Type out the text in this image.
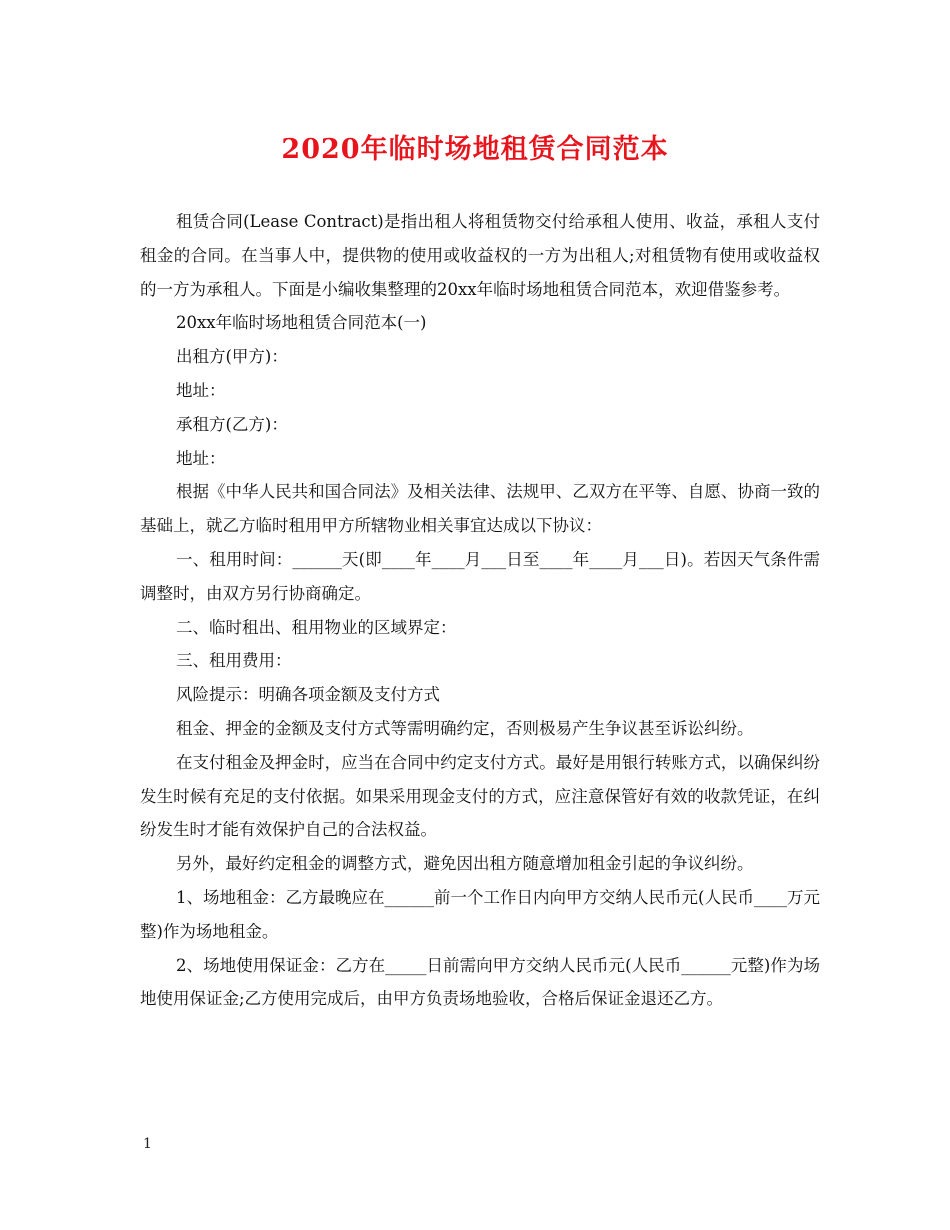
2020年临时场地租赁合同范本

租赁合同(Lease Contract)是指出租人将租赁物交付给承租人使用、收益，承租人支付租金的合同。在当事人中，提供物的使用或收益权的一方为出租人;对租赁物有使用或收益权的一方为承租人。下面是小编收集整理的20xx年临时场地租赁合同范本，欢迎借鉴参考。

20xx年临时场地租赁合同范本(一)

出租方(甲方)：

地址：

承租方(乙方)：

地址：

根据《中华人民共和国合同法》及相关法律、法规甲、乙双方在平等、自愿、协商一致的基础上，就乙方临时租用甲方所辖物业相关事宜达成以下协议：

一、租用时间：______天(即____年____月___日至____年____月___日)。若因天气条件需调整时，由双方另行协商确定。

二、临时租出、租用物业的区域界定：

三、租用费用：

风险提示：明确各项金额及支付方式

租金、押金的金额及支付方式等需明确约定，否则极易产生争议甚至诉讼纠纷。

在支付租金及押金时，应当在合同中约定支付方式。最好是用银行转账方式，以确保纠纷发生时候有充足的支付依据。如果采用现金支付的方式，应注意保管好有效的收款凭证，在纠纷发生时才能有效保护自己的合法权益。

另外，最好约定租金的调整方式，避免因出租方随意增加租金引起的争议纠纷。

1、场地租金：乙方最晚应在______前一个工作日内向甲方交纳人民币元(人民币____万元整)作为场地租金。

2、场地使用保证金：乙方在_____日前需向甲方交纳人民币元(人民币______元整)作为场地使用保证金;乙方使用完成后，由甲方负责场地验收，合格后保证金退还乙方。

1
